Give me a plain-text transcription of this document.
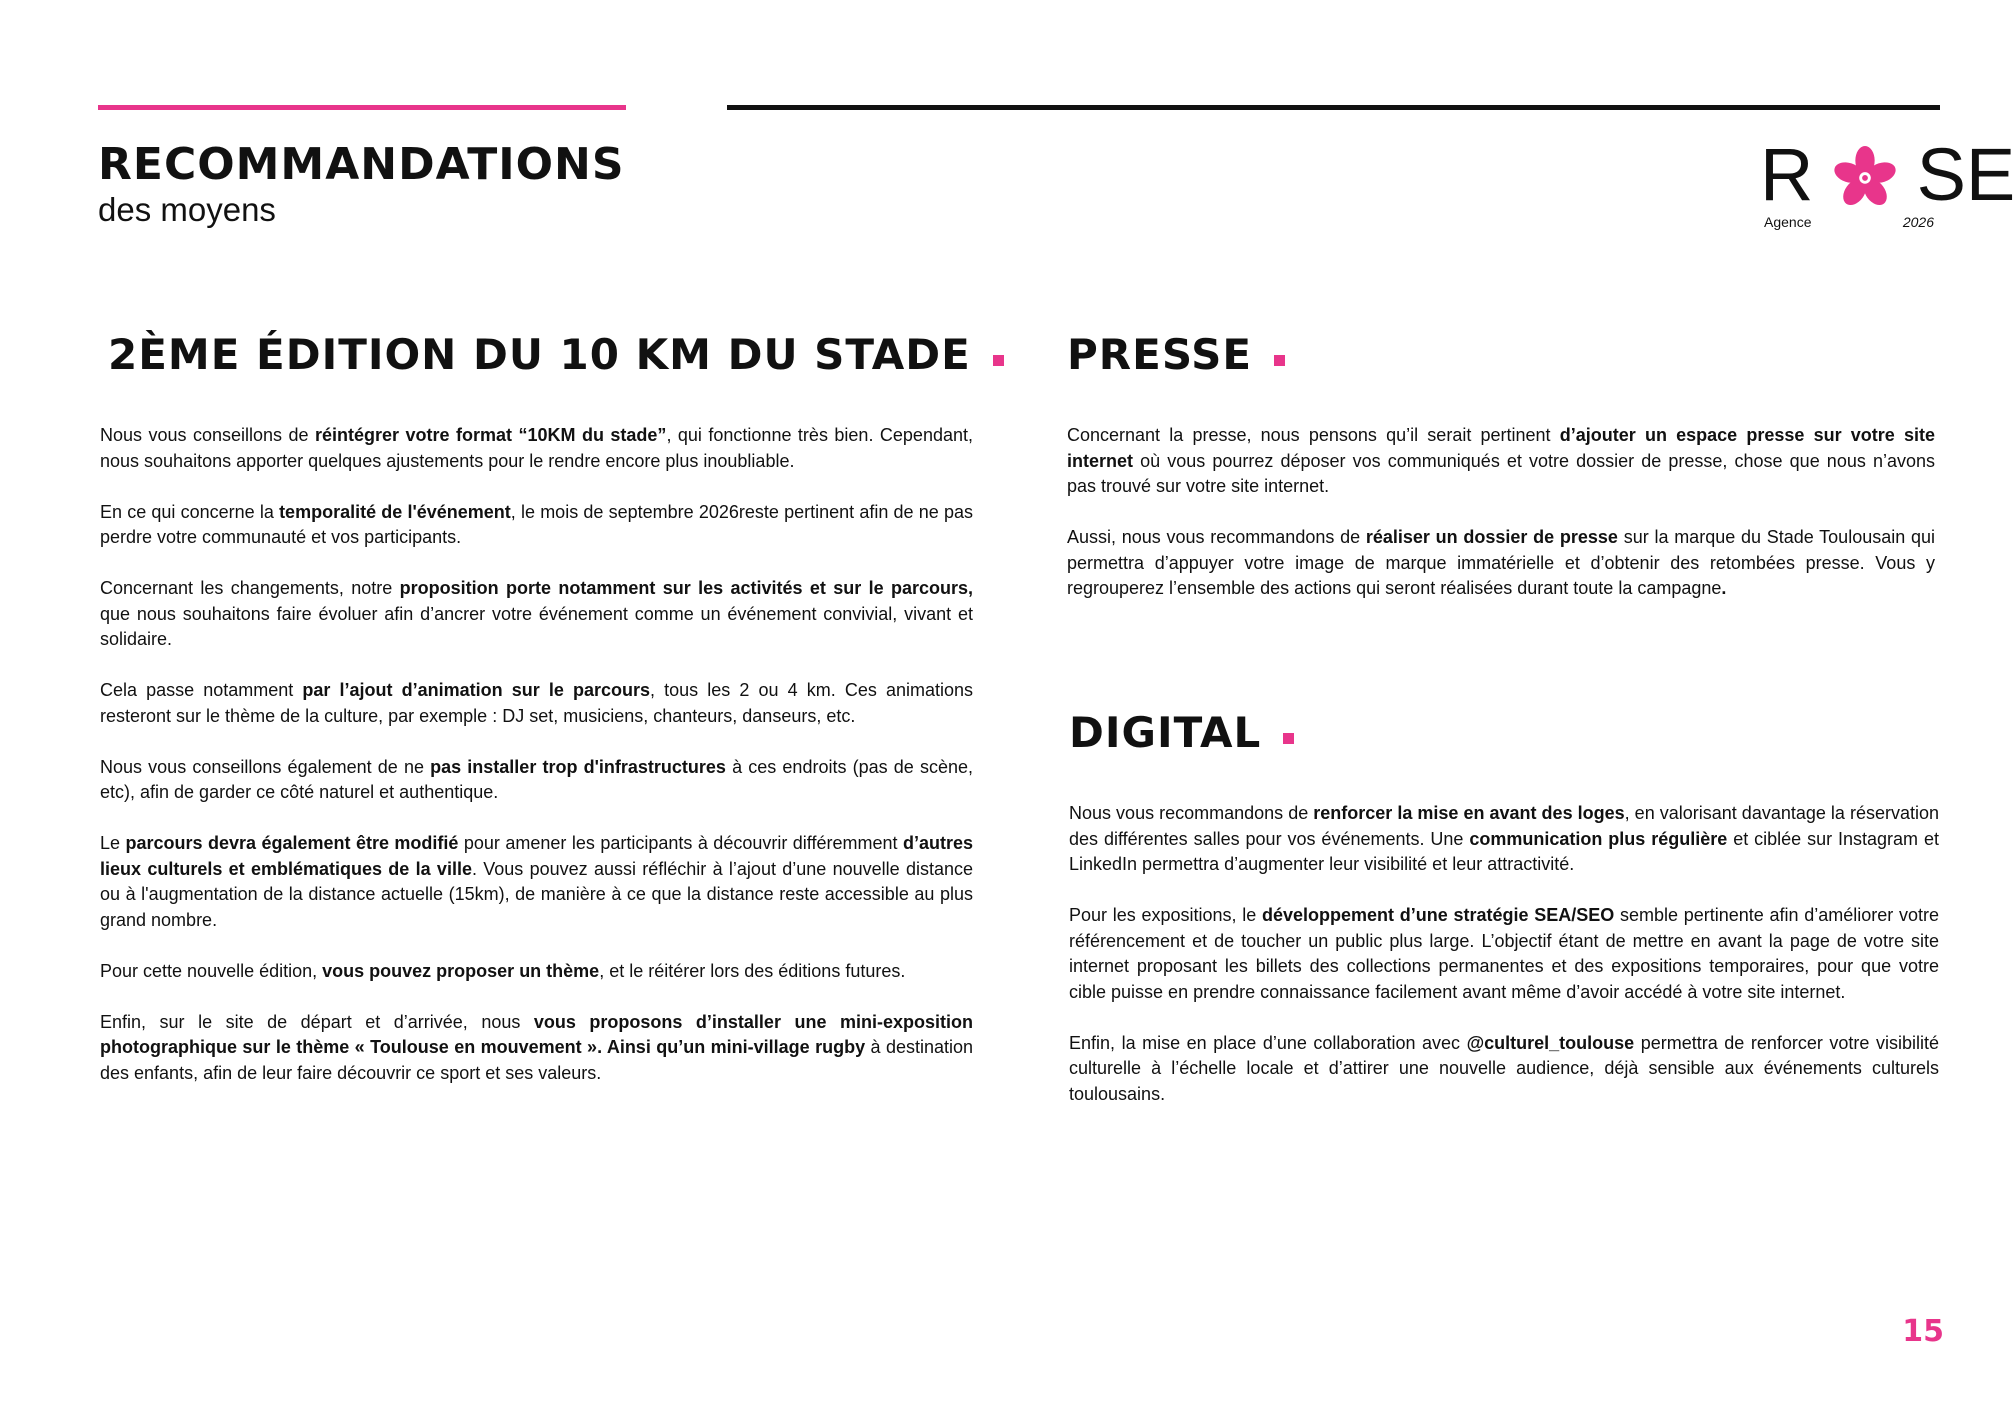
RECOMMANDATIONS
des moyens	R SE
Agence	2026
2ÈME ÉDITION DU 10 KM DU STADE

Nous vous conseillons de réintégrer votre format “10KM du stade”, qui fonctionne très bien. Cependant, nous souhaitons apporter quelques ajustements pour le rendre encore plus inoubliable.

En ce qui concerne la temporalité de l'événement, le mois de septembre 2026reste pertinent afin de ne pas perdre votre communauté et vos participants.

Concernant les changements, notre proposition porte notamment sur les activités et sur le parcours, que nous souhaitons faire évoluer afin d’ancrer votre événement comme un événement convivial, vivant et solidaire.

Cela passe notamment par l’ajout d’animation sur le parcours, tous les 2 ou 4 km. Ces animations resteront sur le thème de la culture, par exemple : DJ set, musiciens, chanteurs, danseurs, etc.

Nous vous conseillons également de ne pas installer trop d'infrastructures à ces endroits (pas de scène, etc), afin de garder ce côté naturel et authentique.

Le parcours devra également être modifié pour amener les participants à découvrir différemment d’autres lieux culturels et emblématiques de la ville. Vous pouvez aussi réfléchir à l’ajout d’une nouvelle distance ou à l'augmentation de la distance actuelle (15km), de manière à ce que la distance reste accessible au plus grand nombre.

Pour cette nouvelle édition, vous pouvez proposer un thème, et le réitérer lors des éditions futures.

Enfin, sur le site de départ et d’arrivée, nous vous proposons d’installer une mini-exposition photographique sur le thème « Toulouse en mouvement ». Ainsi qu’un mini-village rugby à destination des enfants, afin de leur faire découvrir ce sport et ses valeurs.

PRESSE

Concernant la presse, nous pensons qu’il serait pertinent d’ajouter un espace presse sur votre site internet où vous pourrez déposer vos communiqués et votre dossier de presse, chose que nous n’avons pas trouvé sur votre site internet.

Aussi, nous vous recommandons de réaliser un dossier de presse sur la marque du Stade Toulousain qui permettra d’appuyer votre image de marque immatérielle et d’obtenir des retombées presse. Vous y regrouperez l’ensemble des actions qui seront réalisées durant toute la campagne.

DIGITAL

Nous vous recommandons de renforcer la mise en avant des loges, en valorisant davantage la réservation des différentes salles pour vos événements. Une communication plus régulière et ciblée sur Instagram et LinkedIn permettra d’augmenter leur visibilité et leur attractivité.

Pour les expositions, le développement d’une stratégie SEA/SEO semble pertinente afin d’améliorer votre référencement et de toucher un public plus large. L’objectif étant de mettre en avant la page de votre site internet proposant les billets des collections permanentes et des expositions temporaires, pour que votre cible puisse en prendre connaissance facilement avant même d’avoir accédé à votre site internet.

Enfin, la mise en place d’une collaboration avec @culturel_toulouse permettra de renforcer votre visibilité culturelle à l’échelle locale et d’attirer une nouvelle audience, déjà sensible aux événements culturels toulousains.

15
